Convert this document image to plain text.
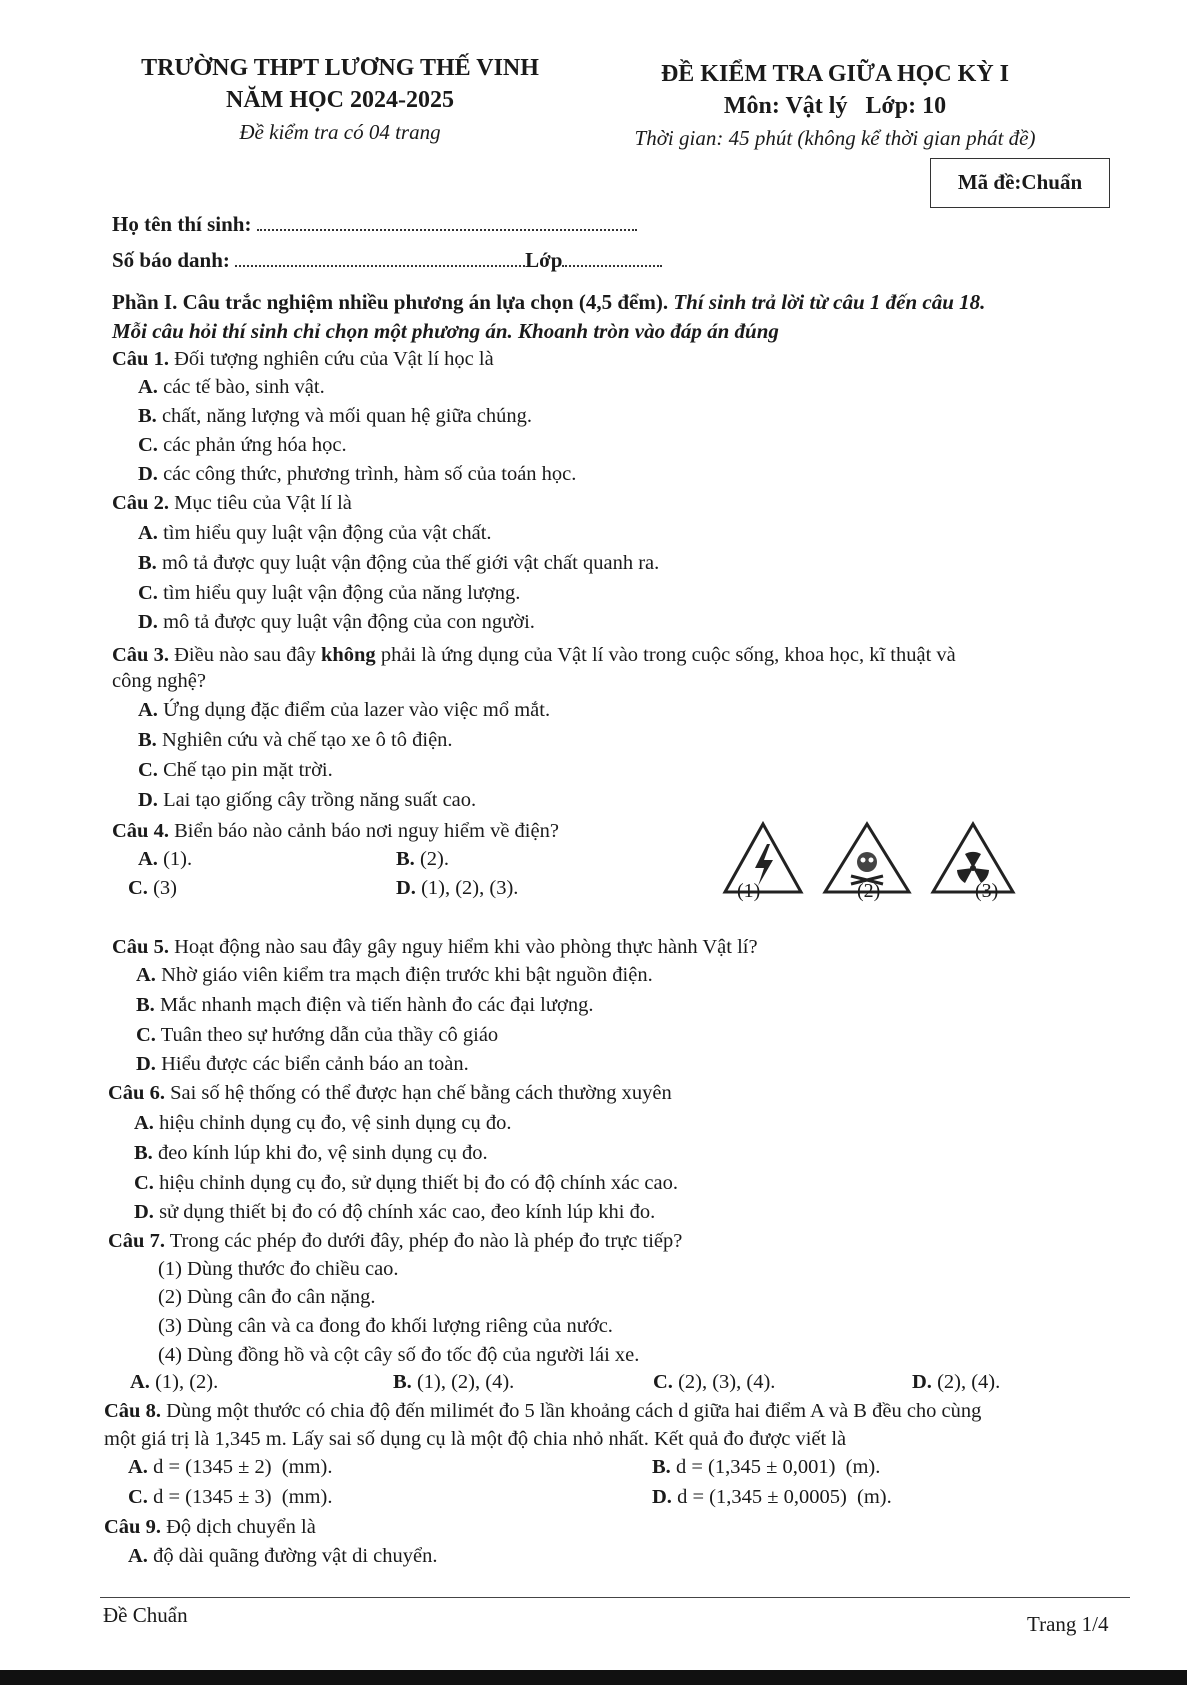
TRƯỜNG THPT LƯƠNG THẾ VINH
NĂM HỌC 2024-2025
Đề kiểm tra có 04 trang
ĐỀ KIỂM TRA GIỮA HỌC KỲ I
Môn: Vật lý   Lớp: 10
Thời gian: 45 phút (không kể thời gian phát đề)
Mã đề:Chuẩn
Họ tên thí sinh:
Số báo danh:	Lớp
Phần I. Câu trắc nghiệm nhiều phương án lựa chọn (4,5 đểm). Thí sinh trả lời từ câu 1 đến câu 18.
Mỗi câu hỏi thí sinh chỉ chọn một phương án. Khoanh tròn vào đáp án đúng
Câu 1. Đối tượng nghiên cứu của Vật lí học là
A. các tế bào, sinh vật.
B. chất, năng lượng và mối quan hệ giữa chúng.
C. các phản ứng hóa học.
D. các công thức, phương trình, hàm số của toán học.
Câu 2. Mục tiêu của Vật lí là
A. tìm hiểu quy luật vận động của vật chất.
B. mô tả được quy luật vận động của thế giới vật chất quanh ra.
C. tìm hiểu quy luật vận động của năng lượng.
D. mô tả được quy luật vận động của con người.
Câu 3. Điều nào sau đây không phải là ứng dụng của Vật lí vào trong cuộc sống, khoa học, kĩ thuật và
công nghệ?
A. Ứng dụng đặc điểm của lazer vào việc mổ mắt.
B. Nghiên cứu và chế tạo xe ô tô điện.
C. Chế tạo pin mặt trời.
D. Lai tạo giống cây trồng năng suất cao.
Câu 4. Biển báo nào cảnh báo nơi nguy hiểm về điện?
A. (1).	B. (2).
C. (3)	D. (1), (2), (3).	(1)	(2)	(3)
Câu 5. Hoạt động nào sau đây gây nguy hiểm khi vào phòng thực hành Vật lí?
A. Nhờ giáo viên kiểm tra mạch điện trước khi bật nguồn điện.
B. Mắc nhanh mạch điện và tiến hành đo các đại lượng.
C. Tuân theo sự hướng dẫn của thầy cô giáo
D. Hiểu được các biển cảnh báo an toàn.
Câu 6. Sai số hệ thống có thể được hạn chế bằng cách thường xuyên
A. hiệu chỉnh dụng cụ đo, vệ sinh dụng cụ đo.
B. đeo kính lúp khi đo, vệ sinh dụng cụ đo.
C. hiệu chỉnh dụng cụ đo, sử dụng thiết bị đo có độ chính xác cao.
D. sử dụng thiết bị đo có độ chính xác cao, đeo kính lúp khi đo.
Câu 7. Trong các phép đo dưới đây, phép đo nào là phép đo trực tiếp?
(1) Dùng thước đo chiều cao.
(2) Dùng cân đo cân nặng.
(3) Dùng cân và ca đong đo khối lượng riêng của nước.
(4) Dùng đồng hồ và cột cây số đo tốc độ của người lái xe.
A. (1), (2).	B. (1), (2), (4).	C. (2), (3), (4).	D. (2), (4).
Câu 8. Dùng một thước có chia độ đến milimét đo 5 lần khoảng cách d giữa hai điểm A và B đều cho cùng
một giá trị là 1,345 m. Lấy sai số dụng cụ là một độ chia nhỏ nhất. Kết quả đo được viết là
A. d = (1345 ± 2)  (mm).	B. d = (1,345 ± 0,001)  (m).
C. d = (1345 ± 3)  (mm).	D. d = (1,345 ± 0,0005)  (m).
Câu 9. Độ dịch chuyển là
A. độ dài quãng đường vật di chuyển.
Đề Chuẩn	Trang 1/4
